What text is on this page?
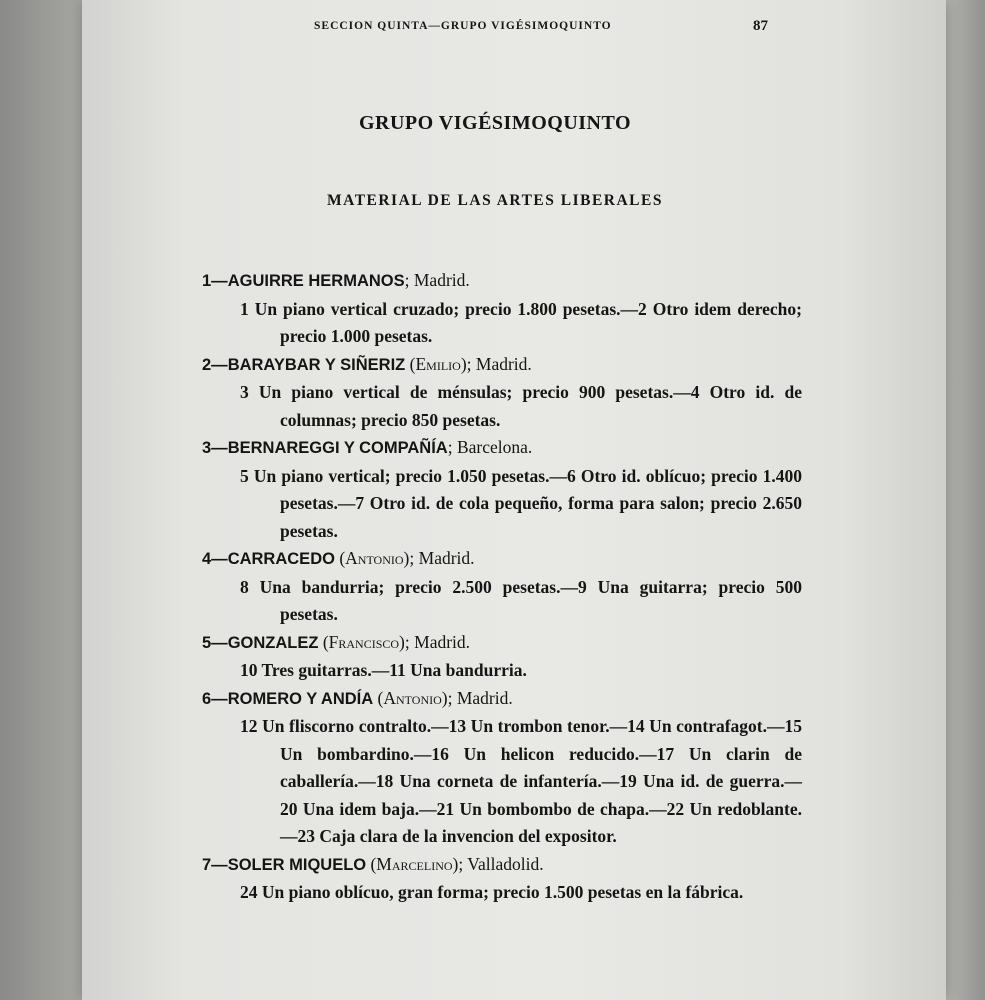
SECCION QUINTA—GRUPO VIGÉSIMOQUINTO	87
GRUPO VIGÉSIMOQUINTO
MATERIAL DE LAS ARTES LIBERALES
1—AGUIRRE HERMANOS; Madrid.
1 Un piano vertical cruzado; precio 1.800 pesetas.—2 Otro idem derecho; precio 1.000 pesetas.
2—BARAYBAR Y SIÑERIZ (Emilio); Madrid.
3 Un piano vertical de ménsulas; precio 900 pesetas.—4 Otro id. de columnas; precio 850 pesetas.
3—BERNAREGGI Y COMPAÑÍA; Barcelona.
5 Un piano vertical; precio 1.050 pesetas.—6 Otro id. oblícuo; precio 1.400 pesetas.—7 Otro id. de cola pequeño, forma para salon; precio 2.650 pesetas.
4—CARRACEDO (Antonio); Madrid.
8 Una bandurria; precio 2.500 pesetas.—9 Una guitarra; precio 500 pesetas.
5—GONZALEZ (Francisco); Madrid.
10 Tres guitarras.—11 Una bandurria.
6—ROMERO Y ANDÍA (Antonio); Madrid.
12 Un fliscorno contralto.—13 Un trombon tenor.—14 Un contrafagot.—15 Un bombardino.—16 Un helicon reducido.—17 Un clarin de caballería.—18 Una corneta de infantería.—19 Una id. de guerra.—20 Una idem baja.—21 Un bombombo de chapa.—22 Un redoblante.—23 Caja clara de la invencion del expositor.
7—SOLER MIQUELO (Marcelino); Valladolid.
24 Un piano oblícuo, gran forma; precio 1.500 pesetas en la fábrica.
